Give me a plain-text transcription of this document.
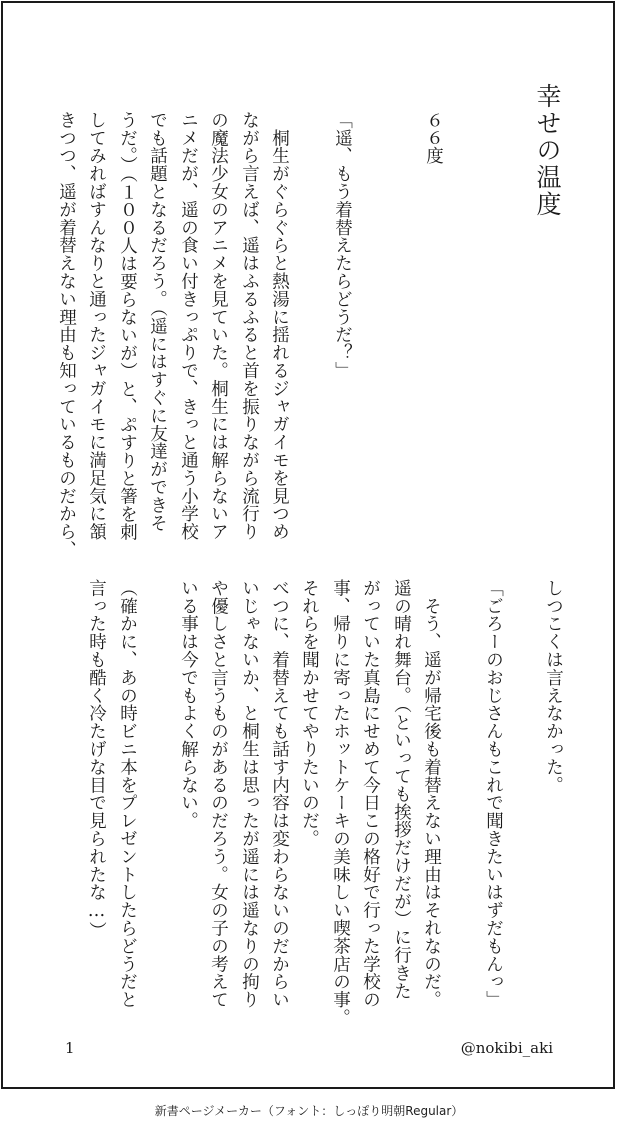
幸せの温度
６６度
「遥、もう着替えたらどうだ？」
　桐生がぐらぐらと熱湯に揺れるジャガイモを見つめ
ながら言えば、遥はふるふると首を振りながら流行り
の魔法少女のアニメを見ていた。桐生には解らないア
ニメだが、遥の食い付きっぷりで、きっと通う小学校
でも話題となるだろう。（遥にはすぐに友達ができそ
うだ。）（１００人は要らないが）と、ぷすりと箸を刺
してみればすんなりと通ったジャガイモに満足気に頷
きつつ、遥が着替えない理由も知っているものだから、
しつこくは言えなかった。
「ごろーのおじさんもこれで聞きたいはずだもんっ」
　そう、遥が帰宅後も着替えない理由はそれなのだ。
遥の晴れ舞台。（といっても挨拶だけだが）に行きた
がっていた真島にせめて今日この格好で行った学校の
事、帰りに寄ったホットケーキの美味しい喫茶店の事。
それらを聞かせてやりたいのだ。
べつに、着替えても話す内容は変わらないのだからい
いじゃないか、と桐生は思ったが遥には遥なりの拘り
や優しさと言うものがあるのだろう。女の子の考えて
いる事は今でもよく解らない。
（確かに、あの時ビニ本をプレゼントしたらどうだと
言った時も酷く冷たげな目で見られたな…）
1	@nokibi_aki
新書ページメーカー（フォント：しっぽり明朝Regular）
